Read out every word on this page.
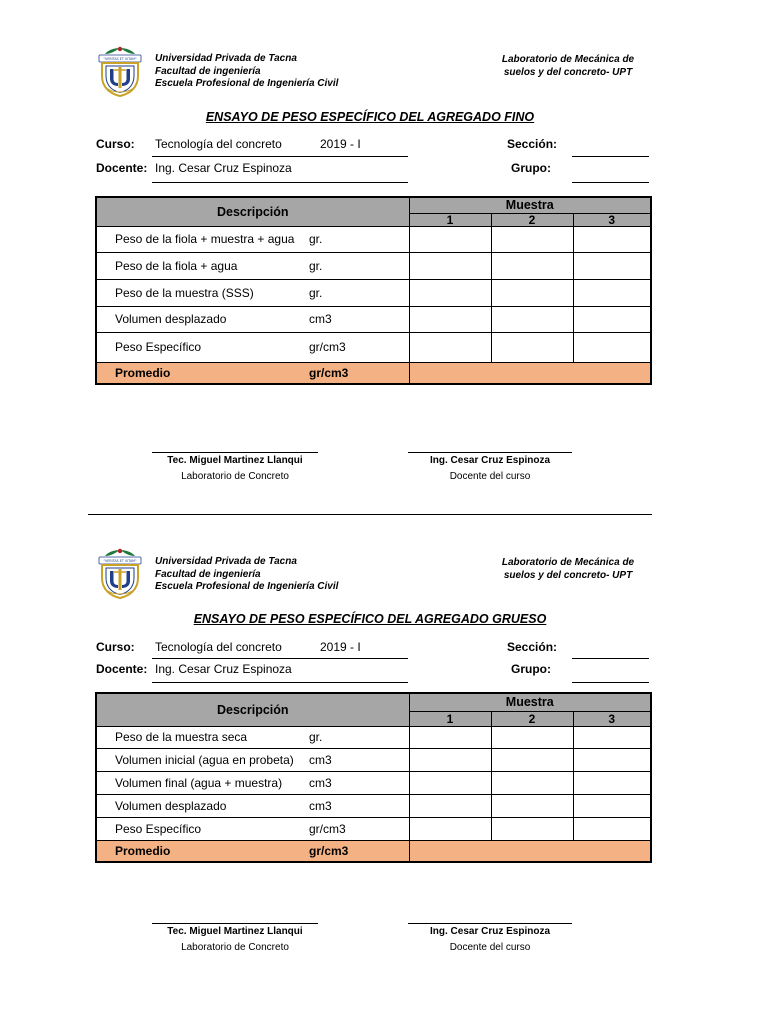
"VERITAS ET VITAM" Universidad Privada de Tacna
Facultad de ingeniería
Escuela Profesional de Ingeniería Civil
Laboratorio de Mecánica de
suelos y del concreto- UPT
ENSAYO DE PESO ESPECÍFICO DEL AGREGADO FINO
Curso: Tecnología del concreto	2019 - I	Sección:
Docente: Ing. Cesar Cruz Espinoza	Grupo:
Descripción		Muestra		
		1	2	3
Peso de la fiola + muestra + agua	gr.			
Peso de la fiola + agua	gr.			
Peso de la muestra (SSS)	gr.			
Volumen desplazado	cm3			
Peso Específico	gr/cm3			
Promedio	gr/cm3			
Tec. Miguel Martinez Llanqui
Laboratorio de Concreto
Ing. Cesar Cruz Espinoza
Docente del curso
"VERITAS ET VITAM" Universidad Privada de Tacna
Facultad de ingeniería
Escuela Profesional de Ingeniería Civil
Laboratorio de Mecánica de
suelos y del concreto- UPT
ENSAYO DE PESO ESPECÍFICO DEL AGREGADO GRUESO
Curso: Tecnología del concreto	2019 - I	Sección:
Docente: Ing. Cesar Cruz Espinoza	Grupo:
Descripción		Muestra		
		1	2	3
Peso de la muestra seca	gr.			
Volumen inicial (agua en probeta)	cm3			
Volumen final (agua + muestra)	cm3			
Volumen desplazado	cm3			
Peso Específico	gr/cm3			
Promedio	gr/cm3			
Tec. Miguel Martinez Llanqui
Laboratorio de Concreto
Ing. Cesar Cruz Espinoza
Docente del curso
